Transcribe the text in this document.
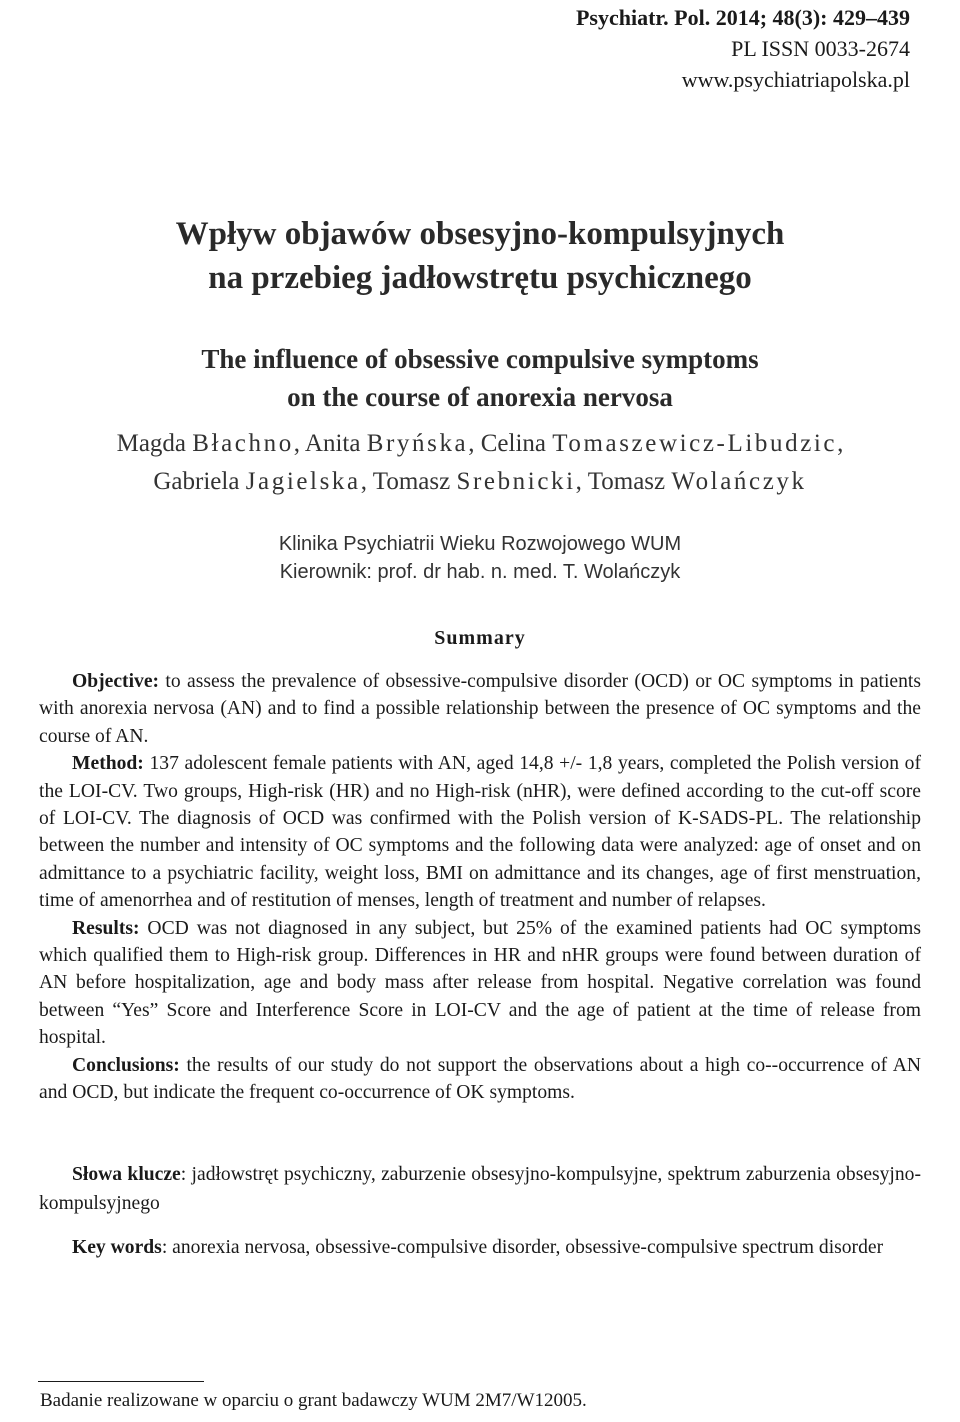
Psychiatr. Pol. 2014; 48(3): 429–439
PL ISSN 0033-2674
www.psychiatriapolska.pl
Wpływ objawów obsesyjno-kompulsyjnych
na przebieg jadłowstrętu psychicznego
The influence of obsessive compulsive symptoms
on the course of anorexia nervosa
Magda Błachno, Anita Bryńska, Celina Tomaszewicz-Libudzic,
Gabriela Jagielska, Tomasz Srebnicki, Tomasz Wolańczyk
Klinika Psychiatrii Wieku Rozwojowego WUM
Kierownik: prof. dr hab. n. med. T. Wolańczyk
Summary

Objective: to assess the prevalence of obsessive-compulsive disorder (OCD) or OC symptoms in patients with anorexia nervosa (AN) and to find a possible relationship between the presence of OC symptoms and the course of AN.

Method: 137 adolescent female patients with AN, aged 14,8 +/- 1,8 years, completed the Polish version of the LOI-CV. Two groups, High-risk (HR) and no High-risk (nHR), were defined according to the cut-off score of LOI-CV. The diagnosis of OCD was confirmed with the Polish version of K-SADS-PL. The relationship between the number and intensity of OC symptoms and the following data were analyzed: age of onset and on admittance to a psychiatric facility, weight loss, BMI on admittance and its changes, age of first menstruation, time of amenorrhea and of restitution of menses, length of treatment and number of relapses.

Results: OCD was not diagnosed in any subject, but 25% of the examined patients had OC symptoms which qualified them to High-risk group. Differences in HR and nHR groups were found between duration of AN before hospitalization, age and body mass after release from hospital. Negative correlation was found between “Yes” Score and Interference Score in LOI-CV and the age of patient at the time of release from hospital.

Conclusions: the results of our study do not support the observations about a high co--occurrence of AN and OCD, but indicate the frequent co-occurrence of OK symptoms.

Słowa klucze: jadłowstręt psychiczny, zaburzenie obsesyjno-kompulsyjne, spektrum zaburzenia obsesyjno-kompulsyjnego

Key words: anorexia nervosa, obsessive-compulsive disorder, obsessive-compulsive spectrum disorder

Badanie realizowane w oparciu o grant badawczy WUM 2M7/W12005.
